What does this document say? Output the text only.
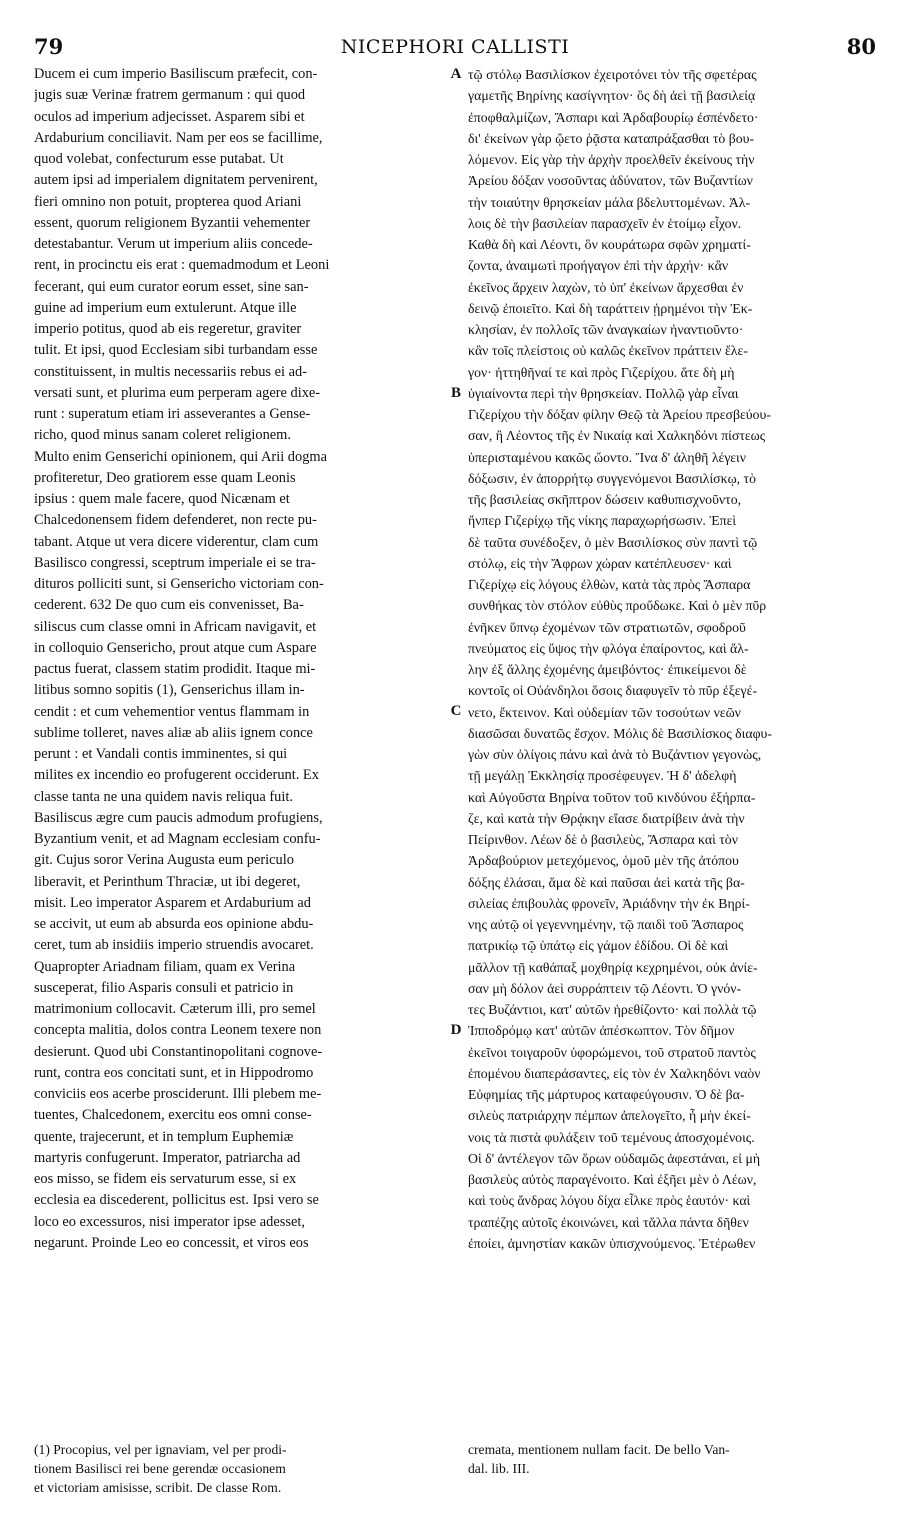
79	NICEPHORI CALLISTI	80
Ducem ei cum imperio Basiliscum præfecit, con-
jugis suæ Verinæ fratrem germanum : qui quod
oculos ad imperium adjecisset. Asparem sibi et
Ardaburium conciliavit. Nam per eos se facillime,
quod volebat, confecturum esse putabat. Ut
autem ipsi ad imperialem dignitatem pervenirent,
fieri omnino non potuit, propterea quod Ariani
essent, quorum religionem Byzantii vehementer
detestabantur. Verum ut imperium aliis concede-
rent, in procinctu eis erat : quemadmodum et Leoni
fecerant, qui eum curator eorum esset, sine san-
guine ad imperium eum extulerunt. Atque ille
imperio potitus, quod ab eis regeretur, graviter
tulit. Et ipsi, quod Ecclesiam sibi turbandam esse
constituissent, in multis necessariis rebus ei ad-
versati sunt, et plurima eum perperam agere dixe-
runt : superatum etiam iri asseverantes a Gense-
richo, quod minus sanam coleret religionem.
Multo enim Genserichi opinionem, qui Arii dogma
profiteretur, Deo gratiorem esse quam Leonis
ipsius : quem male facere, quod Nicænam et
Chalcedonensem fidem defenderet, non recte pu-
tabant. Atque ut vera dicere viderentur, clam cum
Basilisco congressi, sceptrum imperiale ei se tra-
dituros polliciti sunt, si Genserichо victoriam con-
cederent. 632 De quo cum eis convenisset, Ba-
siliscus cum classe omni in Africam navigavit, et
in colloquio Genserichо, prout atque cum Aspare
pactus fuerat, classem statim prodidit. Itaque mi-
litibus somno sopitis (1), Genserichus illam in-
cendit : et cum vehementior ventus flammam in
sublime tolleret, naves aliæ ab aliis ignem conce
perunt : et Vandali contis imminentes, si qui
milites ex incendio eo profugerent occiderunt. Ex
classe tanta ne una quidem navis reliqua fuit.
Basiliscus ægre cum paucis admodum profugiens,
Byzantium venit, et ad Magnam ecclesiam confu-
git. Cujus soror Verina Augusta eum periculo
liberavit, et Perinthum Thraciæ, ut ibi degeret,
misit. Leo imperator Asparem et Ardaburium ad
se accivit, ut eum ab absurda eos opinione abdu-
ceret, tum ab insidiis imperio struendis avocaret.
Quapropter Ariadnam filiam, quam ex Verina
susceperat, filio Asparis consuli et patricio in
matrimonium collocavit. Cæterum illi, pro semel
concepta malitia, dolos contra Leonem texere non
desierunt. Quod ubi Constantinopolitani cognove-
runt, contra eos concitati sunt, et in Hippodromo
conviciis eos acerbe prosciderunt. Illi plebem me-
tuentes, Chalcedonem, exercitu eos omni conse-
quente, trajecerunt, et in templum Euphemiæ
martyris confugerunt. Imperator, patriarcha ad
eos misso, se fidem eis servaturum esse, si ex
ecclesia ea discederent, pollicitus est. Ipsi vero se
loco eo excessuros, nisi imperator ipse adesset,
negarunt. Proinde Leo eo concessit, et viros eos
A
B
C
D
τῷ στόλῳ Βασιλίσκον ἐχειροτόνει τὸν τῆς σφετέρας
γαμετῆς Βηρίνης κασίγνητον· ὃς δὴ ἀεὶ τῇ βασιλείᾳ
ἐποφθαλμίζων, Ἄσπαρι καὶ Ἀρδαβουρίῳ ἐσπένδετο·
δι' ἐκείνων γὰρ ᾤετο ῥᾷστα καταπράξασθαι τὸ βου-
λόμενον. Εἰς γὰρ τὴν ἀρχὴν προελθεῖν ἐκείνους τὴν
Ἀρείου δόξαν νοσοῦντας ἀδύνατον, τῶν Βυζαντίων
τὴν τοιαύτην θρησκείαν μάλα βδελυττομένων. Ἀλ-
λοις δὲ τὴν βασιλείαν παρασχεῖν ἐν ἑτοίμῳ εἶχον.
Καθὰ δὴ καὶ Λέοντι, ὃν κουράτωρα σφῶν χρηματί-
ζοντα, ἀναιμωτὶ προήγαγον ἐπὶ τὴν ἀρχήν· κἂν
ἐκεῖνος ἄρχειν λαχὼν, τὸ ὑπ' ἐκείνων ἄρχεσθαι ἐν
δεινῷ ἐποιεῖτο. Καὶ δὴ ταράττειν ᾑρημένοι τὴν Ἐκ-
κλησίαν, ἐν πολλοῖς τῶν ἀναγκαίων ἠναντιοῦντο·
κἂν τοῖς πλείστοις οὐ καλῶς ἐκεῖνον πράττειν ἔλε-
γον· ἡττηθῆναί τε καὶ πρὸς Γιζερίχου. ἅτε δὴ μὴ
ὑγιαίνοντα περὶ τὴν θρησκείαν. Πολλῷ γὰρ εἶναι
Γιζερίχου τὴν δόξαν φίλην Θεῷ τὰ Ἀρείου πρεσβεύου-
σαν, ἢ Λέοντος τῆς ἐν Νικαίᾳ καὶ Χαλκηδόνι πίστεως
ὑπερισταμένου κακῶς ὤοντο. Ἵνα δ' ἀληθῆ λέγειν
δόξωσιν, ἐν ἀπορρήτῳ συγγενόμενοι Βασιλίσκῳ, τὸ
τῆς βασιλείας σκῆπτρον δώσειν καθυπισχνοῦντο,
ἤνπερ Γιζερίχῳ τῆς νίκης παραχωρήσωσιν. Ἐπεὶ
δὲ ταῦτα συνέδοξεν, ὁ μὲν Βασιλίσκος σὺν παντὶ τῷ
στόλῳ, εἰς τὴν Ἄφρων χώραν κατέπλευσεν· καὶ
Γιζερίχῳ εἰς λόγους ἐλθὼν, κατὰ τὰς πρὸς Ἄσπαρα
συνθήκας τὸν στόλον εὐθὺς προὔδωκε. Καὶ ὁ μὲν πῦρ
ἐνῆκεν ὕπνῳ ἐχομένων τῶν στρατιωτῶν, σφοδροῦ
πνεύματος εἰς ὕψος τὴν φλόγα ἐπαίροντος, καὶ ἄλ-
λην ἐξ ἄλλης ἐχομένης ἀμειβόντος· ἐπικείμενοι δὲ
κοντοῖς οἱ Οὐάνδηλοι ὅσοις διαφυγεῖν τὸ πῦρ ἐξεγέ-
νετο, ἔκτεινον. Καὶ οὐδεμίαν τῶν τοσούτων νεῶν
διασῶσαι δυνατῶς ἔσχον. Μόλις δὲ Βασιλίσκος διαφυ-
γὼν σὺν ὀλίγοις πάνυ καὶ ἀνὰ τὸ Βυζάντιον γεγονὼς,
τῇ μεγάλῃ Ἐκκλησίᾳ προσέφευγεν. Ἡ δ' ἀδελφὴ
καὶ Αὐγοῦστα Βηρίνα τοῦτον τοῦ κινδύνου ἐξήρπα-
ζε, καὶ κατὰ τὴν Θρᾴκην εἴασε διατρίβειν ἀνὰ τὴν
Πείρινθον. Λέων δὲ ὁ βασιλεὺς, Ἄσπαρα καὶ τὸν
Ἀρδαβούριον μετεχόμενος, ὁμοῦ μὲν τῆς ἀτόπου
δόξης ἐλάσαι, ἅμα δὲ καὶ παῦσαι ἀεὶ κατὰ τῆς βα-
σιλείας ἐπιβουλὰς φρονεῖν, Ἀριάδνην τὴν ἐκ Βηρί-
νης αὐτῷ οἱ γεγεννημένην, τῷ παιδὶ τοῦ Ἄσπαρος
πατρικίῳ τῷ ὑπάτῳ εἰς γάμον ἐδίδου. Οἱ δὲ καὶ
μᾶλλον τῇ καθάπαξ μοχθηρίᾳ κεχρημένοι, οὐκ ἀνίε-
σαν μὴ δόλον ἀεὶ συρράπτειν τῷ Λέοντι. Ὁ γνόν-
τες Βυζάντιοι, κατ' αὐτῶν ἠρεθίζοντο· καὶ πολλὰ τῷ
Ἱπποδρόμῳ κατ' αὐτῶν ἀπέσκωπτον. Τὸν δῆμον
ἐκεῖνοι τοιγαροῦν ὑφορώμενοι, τοῦ στρατοῦ παντὸς
ἑπομένου διαπεράσαντες, εἰς τὸν ἐν Χαλκηδόνι ναὸν
Εὐφημίας τῆς μάρτυρος καταφεύγουσιν. Ὁ δὲ βα-
σιλεὺς πατριάρχην πέμπων ἀπελογεῖτο, ἦ μὴν ἐκεί-
νοις τὰ πιστὰ φυλάξειν τοῦ τεμένους ἀποσχομένοις.
Οἱ δ' ἀντέλεγον τῶν ὅρων οὐδαμῶς ἀφεστάναι, εἰ μὴ
βασιλεὺς αὐτὸς παραγένοιτο. Καὶ ἐξῆει μὲν ὁ Λέων,
καὶ τοὺς ἄνδρας λόγου δίχα εἶλκε πρὸς ἑαυτόν· καὶ
τραπέζης αὐτοῖς ἐκοινώνει, καὶ τἄλλα πάντα δῆθεν
ἐποίει, ἀμνηστίαν κακῶν ὑπισχνούμενος. Ἑτέρωθεν
(1) Procopius, vel per ignaviam, vel per prodi-
tionem Basilisci rei bene gerendæ occasionem
et victoriam amisisse, scribit. De classe Rom.
cremata, mentionem nullam facit. De bello Van-
dal. lib. III.
